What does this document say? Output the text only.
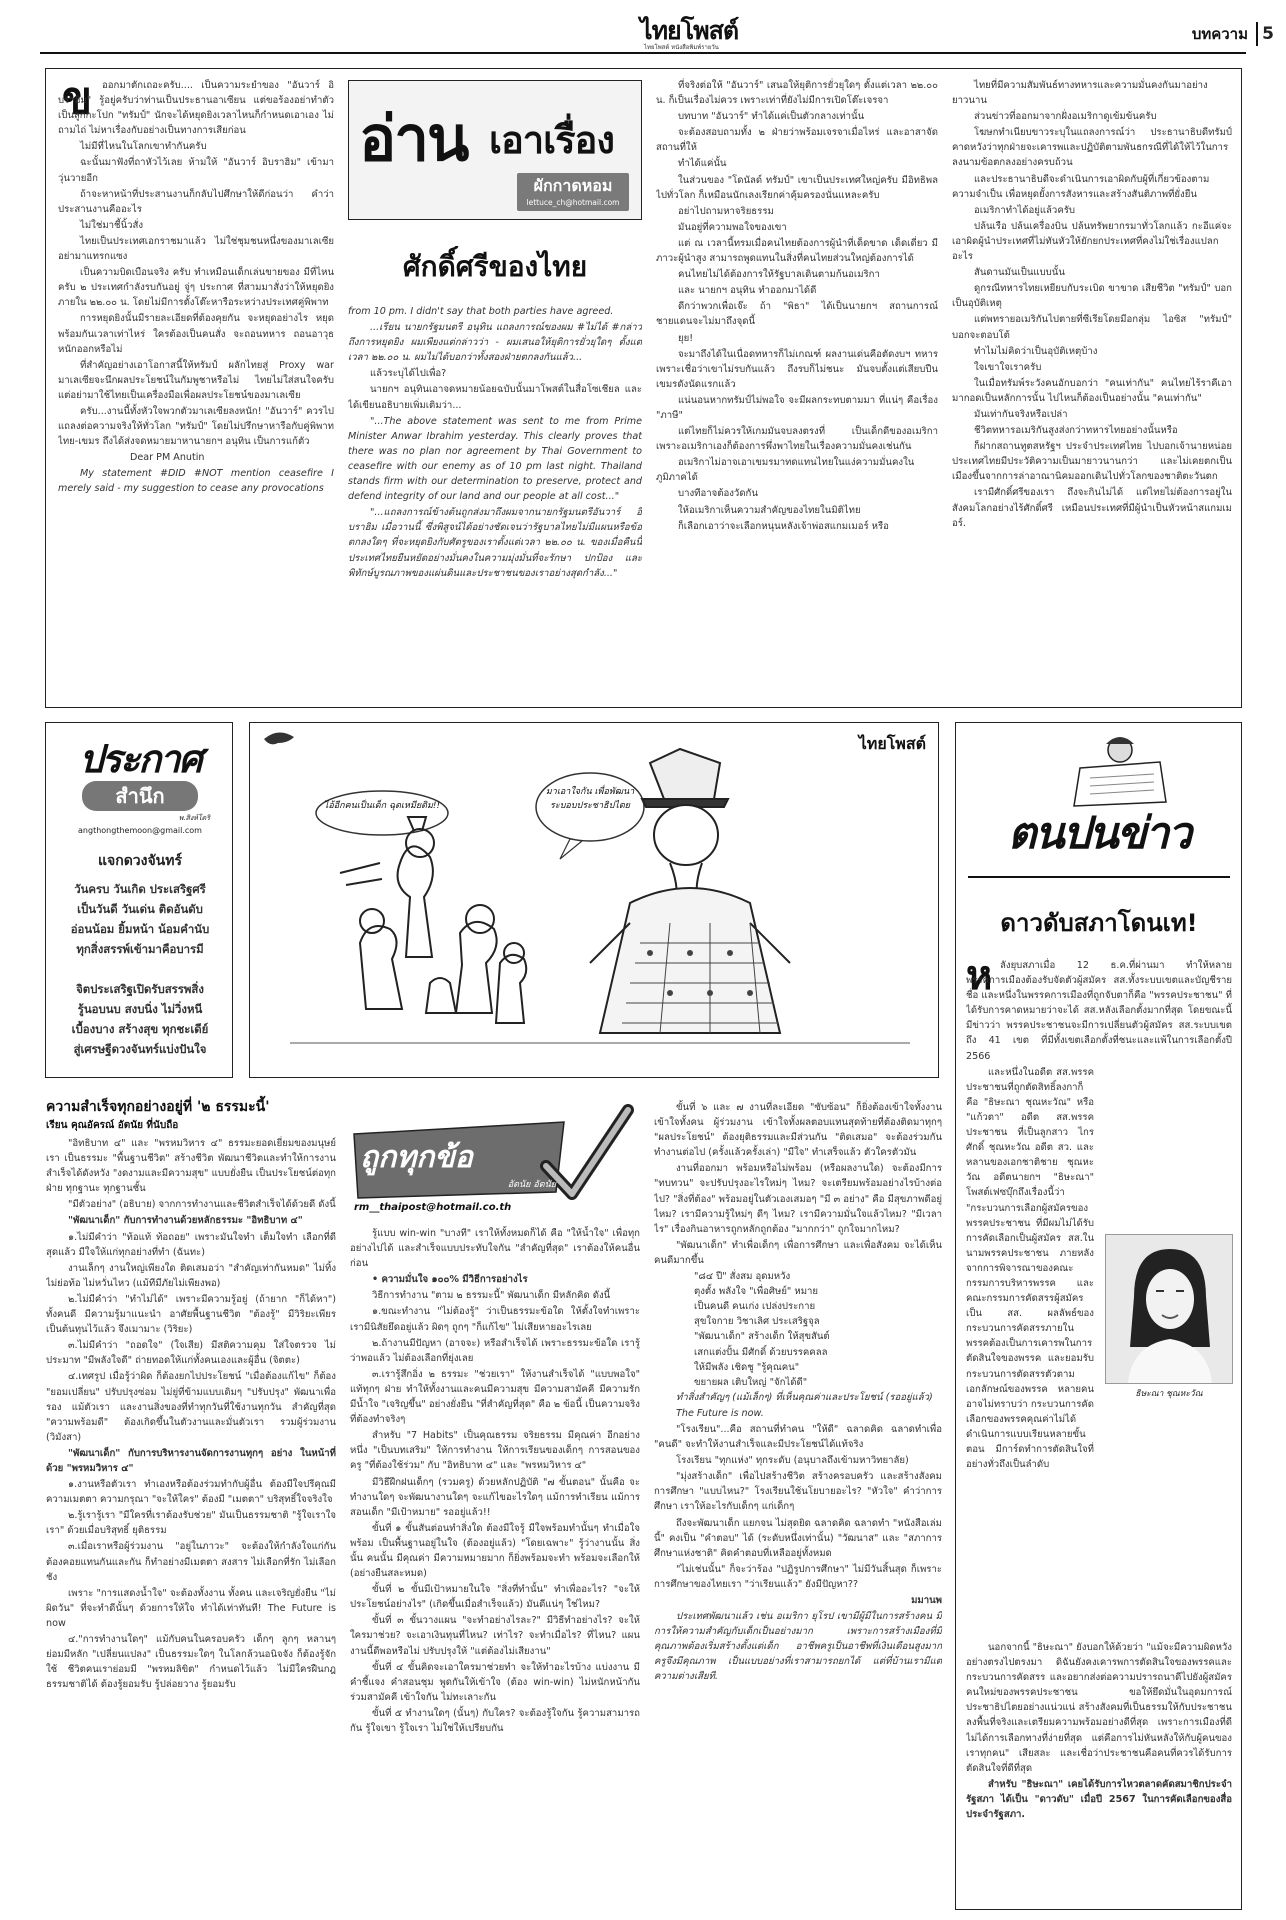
ไทยโพสต์
ไทยโพสต์ หนังสือพิมพ์รายวัน
บทความ 5
ข	ออกมาตักเถอะครับ.... เป็นความระยำของ "อันวาร์ อิบราฮิม" รู้อยู่ครับว่าท่านเป็นประธานอาเซียน แต่ขอร้องอย่าทำตัวเป็นลูกกะโปก "ทรัมป์" นักจะได้หยุดยิงเวลาไหนก็กำหนดเอาเอง ไม่ถามไถ่ ไม่หาเรื่องกับอย่างเป็นทางการเสียก่อน

ไม่มีที่ไหนในโลกเขาทำกันครับ

ฉะนั้นมาฟังที่ถาหัวไว้เลย ห้ามให้ "อันวาร์ อิบราฮิม" เข้ามาวุ่นวายอีก

ถ้าจะหาหน้าที่ประสานงานก็กลับไปศึกษาให้ดีก่อนว่า คำว่าประสานงานคืออะไร

ไม่ใช่มาชี้นิ้วสั่ง

ไทยเป็นประเทศเอกราชมาแล้ว ไม่ใช่ชุมชนหนึ่งของมาเลเซีย อย่ามาแทรกแซง

เป็นความบิดเบือนจริง ครับ ทำเหมือนเด็กเล่นขายของ มีที่ไหนครับ ๒ ประเทศกำลังรบกันอยู่ จู่ๆ ประกาศ ที่สามมาสั่งว่าให้หยุดยิงภายใน ๒๒.๐๐ น. โดยไม่มีการตั้งโต๊ะหารือระหว่างประเทศคู่พิพาท

การหยุดยิงนั้นมีรายละเอียดที่ต้องคุยกัน จะหยุดอย่างไร หยุดพร้อมกันเวลาเท่าไหร่ ใครต้องเป็นคนสั่ง จะถอนทหาร ถอนอาวุธหนักออกหรือไม่

ที่สำคัญอย่างเอาโอกาสนี้ให้ทรัมป์ ผลักไทยสู่ Proxy war มาเลเซียจะนึกผลประโยชน์ในกัมพูชาหรือไม่ ไทยไม่ใส่สนใจครับ แต่อย่ามาใช้ไทยเป็นเครื่องมือเพื่อผลประโยชน์ของมาเลเซีย

ครับ...งานนี้ทั้งหัวใจพวกตัวมาเลเซียลงหนัก! "อันวาร์" ควรไปแถลงต่อความจริงให้ทั่วโลก "ทรัมป์" โดยไม่ปรึกษาหารือกับคู่พิพาทไทย-เขมร ถึงได้ส่งจดหมายมาหานายกฯ อนุทิน เป็นการแก้ตัว

Dear PM Anutin

My statement #DID #NOT mention ceasefire I merely said - my suggestion to cease any provocations

อ่าน เอาเรื่อง
ผักกาดหอม
lettuce_ch@hotmail.com
ศักดิ์ศรีของไทย

from 10 pm. I didn't say that both parties have agreed.

...เรียน นายกรัฐมนตรี อนุทิน แถลงการณ์ของผม #ไม่ได้ #กล่าวถึงการหยุดยิง ผมเพียงแต่กล่าวว่า - ผมเสนอให้ยุติการยั่วยุใดๆ ตั้งแต่เวลา ๒๒.๐๐ น. ผมไม่ได้บอกว่าทั้งสองฝ่ายตกลงกันแล้ว...

แล้วระบุได้ไปเพื่อ?

นายกฯ อนุทินเอาจดหมายน้อยฉบับนั้นมาโพสต์ในสื่อโซเชียล และได้เขียนอธิบายเพิ่มเติมว่า...

"...The above statement was sent to me from Prime Minister Anwar Ibrahim yesterday. This clearly proves that there was no plan nor agreement by Thai Government to ceasefire with our enemy as of 10 pm last night. Thailand stands firm with our determination to preserve, protect and defend integrity of our land and our people at all cost..."

"...แถลงการณ์ข้างต้นถูกส่งมาถึงผมจากนายกรัฐมนตรีอันวาร์ อิบราฮิม เมื่อวานนี้ ซึ่งพิสูจน์ได้อย่างชัดเจนว่ารัฐบาลไทยไม่มีแผนหรือข้อตกลงใดๆ ที่จะหยุดยิงกับศัตรูของเราตั้งแต่เวลา ๒๒.๐๐ น. ของเมื่อคืนนี้ ประเทศไทยยืนหยัดอย่างมั่นคงในความมุ่งมั่นที่จะรักษา ปกป้อง และพิทักษ์บูรณภาพของแผ่นดินและประชาชนของเราอย่างสุดกำลัง..."

ที่จริงต่อให้ "อันวาร์" เสนอให้ยุติการยั่วยุใดๆ ตั้งแต่เวลา ๒๒.๐๐ น. ก็เป็นเรื่องไม่ควร เพราะเท่าที่ยังไม่มีการเปิดโต๊ะเจรจา

บทบาท "อันวาร์" ทำได้แค่เป็นตัวกลางเท่านั้น

จะต้องสอบถามทั้ง ๒ ฝ่ายว่าพร้อมเจรจาเมื่อไหร่ และอาสาจัดสถานที่ให้

ทำได้แค่นั้น

ในส่วนของ "โดนัลด์ ทรัมป์" เขาเป็นประเทศใหญ่ครับ มีอิทธิพลไปทั่วโลก ก็เหมือนนักเลงเรียกค่าคุ้มครองนั่นแหละครับ

อย่าไปถามหาจริยธรรม

มันอยู่ที่ความพอใจของเขา

แต่ ณ เวลานี้ทรมเมื่อคนไทยต้องการผู้นำที่เด็ดขาด เด็ดเดี่ยว มีภาวะผู้นำสูง สามารถพูดแทนในสิ่งที่คนไทยส่วนใหญ่ต้องการได้

คนไทยไม่ได้ต้องการให้รัฐบาลเดินตามก้นอเมริกา

และ นายกฯ อนุทิน ทำออกมาได้ดี

ดีกว่าพวกเพื่อเจ๊ะ ถ้า "พิธา" ได้เป็นนายกฯ สถานการณ์ชายแดนจะไม่มาถึงจุดนี้

ยุย!

จะมาถึงได้ในเนื่อดทหารก็ไม่เกณฑ์ ผลงานเด่นคือตัดงบฯ ทหารเพราะเชื่อว่าเขาไม่รบกันแล้ว ถึงรบก็ไม่ชนะ มันจบตั้งแต่เสียบปืนเขมรดังนัดแรกแล้ว

แน่นอนหากทรัมป์ไม่พอใจ จะมีผลกระทบตามมา ที่แน่ๆ คือเรื่อง "ภาษี"

แต่ไทยก็ไม่ควรให้เกมมันจบลงตรงที่ เป็นเด็กดีของอเมริกา เพราะอเมริกาเองก็ต้องการพึ่งพาไทยในเรื่องความมั่นคงเช่นกัน

อเมริกาไม่อาจเอาเขมรมาทดแทนไทยในแง่ความมั่นคงในภูมิภาคได้

บางทีอาจต้องวัดกัน

ให้อเมริกาเห็นความสำคัญของไทยในมิติไทย

ก็เลือกเอาว่าจะเลือกหนุนหลังเจ้าพ่อสแกมเมอร์ หรือ

ไทยที่มีความสัมพันธ์ทางทหารและความมั่นคงกันมาอย่างยาวนาน

ส่วนข่าวที่ออกมาจากฝั่งอเมริกาดูเข้มข้นครับ

โฆษกทำเนียบขาวระบุในแถลงการณ์ว่า ประธานาธิบดีทรัมป์คาดหวังว่าทุกฝ่ายจะเคารพและปฏิบัติตามพันธกรณีที่ได้ให้ไว้ในการลงนามข้อตกลงอย่างครบถ้วน

และประธานาธิบดีจะดำเนินการเอาผิดกับผู้ที่เกี่ยวข้องตามความจำเป็น เพื่อหยุดยั้งการสังหารและสร้างสันติภาพที่ยั่งยืน

อเมริกาทำได้อยู่แล้วครับ

ปล้นเรือ ปล้นเครื่องบิน ปล้นทรัพยากรมาทั่วโลกแล้ว กะอีแค่จะเอาผิดผู้นำประเทศที่ไม่ทันหัวให้ยักยกประเทศที่คงไม่ใช่เรื่องแปลกอะไร

สันดานมันเป็นแบบนั้น

ดูกรณีทหารไทยเหยียบกับระเบิด ขาขาด เสียชีวิต "ทรัมป์" บอกเป็นอุบัติเหตุ

แต่พทรายอเมริกันไปตายที่ซีเรียโดยมีอกลุ่ม ไอซิส "ทรัมป์" บอกจะตอบโต้

ทำไมไม่คิดว่าเป็นอุบัติเหตุบ้าง

ใจเขาใจเราครับ

ในเมื่อทรัมพ์ระวังคนอักบอกว่า "คนเท่ากัน" คนไทยไร้ราคีเอามากอดเป็นหลักการนั้น ไปไหนก็ต้องเป็นอย่างนั้น "คนเท่ากัน"

มันเท่ากันจริงหรือเปล่า

ชีวิตทหารอเมริกันสูงส่งกว่าทหารไทยอย่างนั้นหรือ

ก็ฝากสถานทูตสหรัฐฯ ประจำประเทศไทย ไปบอกเจ้านายหน่อย ประเทศไทยมีประวัติความเป็นมายาวนานกว่า และไม่เคยตกเป็นเมืองขึ้นจากการล่าอาณานิคมออกเดินไปทั่วโลกของชาติตะวันตก

เรามีศักดิ์ศรีของเรา ถึงจะกินไม่ได้ แต่ไทยไม่ต้องการอยู่ในสังคมโลกอย่างไร้ศักดิ์ศรี เหมือนประเทศที่มีผู้นำเป็นหัวหน้าสแกมเมอร์.

ประกาศ
สำนึก
พ.สิงห์โตริ
angthongthemoon@gmail.com
แจกดวงจันทร์
วันครบ วันเกิด ประเสริฐศรี
เป็นวันดี วันเด่น ติดอันดับ
อ่อนน้อม ยิ้มหน้า น้อมคำนับ
ทุกสิ่งสรรพ์เข้ามาคือบารมี
จิตประเสริฐเปิดรับสรรพสิ่ง
รู้นอบนบ สงบนิ่ง ไม่วิ่งหนี
เบื้องบาง สร้างสุข ทุกชะเดีย์
สู่เศรษฐีดวงจันทร์แบ่งปันใจ
ไทยโพสต์
ไอ้อีกคนเป็นเด็ก ฉุดเหมียดิม!!
มาเอาใจกัน เพื่อพัฒนาระบอบประชาธิปไตย
ตนปนข่าว
ดาวดับสภาโดนเท!
ห
ธิษะณา ชุณหะวัณ

ลังยุบสภาเมื่อ 12 ธ.ค.ที่ผ่านมา ทำให้หลายพรรคการเมืองต้องรับจัดตัวผู้สมัคร สส.ทั้งระบบเขตและบัญชีรายชื่อ และหนึ่งในพรรคการเมืองที่ถูกจับตาก็คือ "พรรคประชาชน" ที่ได้รับการคาดหมายว่าจะได้ สส.หลังเลือกตั้งมากที่สุด โดยขณะนี้มีข่าวว่า พรรคประชาชนจะมีการเปลี่ยนตัวผู้สมัคร สส.ระบบเขตถึง 41 เขต ที่มีทั้งเขตเลือกตั้งที่ชนะและแพ้ในการเลือกตั้งปี 2566

และหนึ่งในอดีต สส.พรรคประชาชนที่ถูกตัดสิทธิ์ลงกาก็คือ "ธิษะณา ชุณหะวัณ" หรือ "แก้วตา" อดีต สส.พรรคประชาชน ที่เป็นลูกสาว ไกรศักดิ์ ชุณหะวัณ อดีต สว. และหลานของเอกชาติชาย ชุณหะวัณ อดีตนายกฯ "ธิษะณา" โพสต์เฟซบุ๊กถึงเรื่องนี้ว่า "กระบวนการเลือกผู้สมัครของพรรคประชาชน ที่มีผมไม่ได้รับการคัดเลือกเป็นผู้สมัคร สส.ในนามพรรคประชาชน ภายหลังจากการพิจารณาของคณะกรรมการบริหารพรรค และคณะกรรมการคัดสรรผู้สมัครเป็น สส. ผลลัพธ์ของกระบวนการคัดสรรภายในพรรคต้องเป็นการเคารพในการตัดสินใจของพรรค และยอมรับกระบวนการตัดสรรตัวตามเอกลักษณ์ของพรรค หลายคนอาจไม่ทราบว่า กระบวนการคัดเลือกของพรรคคุณค่าไม่ได้ดำเนินการแบบเรียนหลายขั้นตอน มีการ์ดทำการตัดสินใจที่อย่างทั่วถึงเป็นลำดับ

นอกจากนี้ "ธิษะณา" ยังบอกให้ด้วยว่า "แม้จะมีความผิดหวังอย่างตรงไปตรงมา ดิฉันยังคงเคารพการตัดสินใจของพรรคและกระบวนการคัดสรร และอยากส่งต่อความปรารถนาดีไปยังผู้สมัครคนใหม่ของพรรคประชาชน ขอให้ยึดมั่นในอุดมการณ์ประชาธิปไตยอย่างแน่วแน่ สร้างสังคมที่เป็นธรรมให้กับประชาชน ลงพื้นที่จริงและเตรียมความพร้อมอย่างดีที่สุด เพราะการเมืองที่ดีไม่ได้การเลือกทางที่ง่ายที่สุด แต่คือการไม่หันหลังให้กับผู้คนของเราทุกคน" เสียสละ และเชื่อว่าประชาชนคือคนที่ควรได้รับการตัดสินใจที่ดีที่สุด

สำหรับ "ธิษะณา" เคยได้รับการไหวตลาดคัดสมาชิกประจำรัฐสภา ได้เป็น "ดาวดับ" เมื่อปี 2567 ในการคัดเลือกของสื่อประจำรัฐสภา.

ความสำเร็จทุกอย่างอยู่ที่ '๒ ธรรมะนี้'
เรียน คุณอัครณ์ อัตนัย ที่นับถือ

"อิทธิบาท ๔" และ "พรหมวิหาร ๔" ธรรมะยอดเยี่ยมของมนุษย์เรา เป็นธรรมะ "พื้นฐานชีวิต" สร้างชีวิต พัฒนาชีวิตและทำให้การงานสำเร็จได้ดังหวัง "งดงามและมีความสุข" แบบยั่งยืน เป็นประโยชน์ต่อทุกฝ่าย ทุกฐานะ ทุกฐานชั้น

"มีตัวอย่าง" (อธิบาย) จากการทำงานและชีวิตสำเร็จได้ด้วยดี ดังนี้

"พัฒนาเด็ก" กับการทำงานด้วยหลักธรรมะ "อิทธิบาท ๔"

๑.ไม่มีคำว่า "ท้อแท้ ท้อถอย" เพราะมันใจทำ เต็มใจทำ เลือกที่ดีสุดแล้ว มีใจให้แก่ทุกอย่างที่ทำ (ฉันทะ)

งานเล็กๆ งานใหญ่เพียงใด ติดเสมอว่า "สำคัญเท่ากันหมด" ไม่ทิ้ง ไม่ย่อท้อ ไม่หวั่นไหว (แม้ทีมีภัยไม่เพียงพอ)

๒.ไม่มีคำว่า "ทำไม่ได้" เพราะมีความรู้อยู่ (ถ้ายาก "ก็ได้หา") ทั้งคนดี มีความรู้มาแนะนำ อาศัยพื้นฐานชีวิต "ต้องรู้" มีวิริยะเพียร เป็นต้นทุนไว้แล้ว จึงเมามาะ (วิริยะ)

๓.ไม่มีคำว่า "ถอดใจ" (ใจเสีย) มีสติความคุม ใส่ใจตรวจ ไม่ประมาท "มีพลังใจดี" ถ่ายทอดให้แก่ทั้งคนเองและผู้อื่น (จิตตะ)

๔.เทศรูป เมื่อรู้ว่าผิด ก็ต้องยกไปประโยชน์ "เมื่อต้องแก้ไข" ก็ต้อง "ยอมเปลี่ยน" ปรับปรุงซ่อม ไม่ยู่ที่ข้ามแบบเดิมๆ "ปรับปรุง" พัฒนาเพื่อรอง แม้ตัวเรา และงานสิ่งของที่ทำทุกวันที่ใช้งานทุกวัน สำคัญที่สุด "ความพร้อมดี" ต้องเกิดขึ้นในตัวงานและมั่นตัวเรา รวมผู้ร่วมงาน (วิมังสา)

"พัฒนาเด็ก" กับการบริหารงานจัดการงานทุกๆ อย่าง ในหน้าที่ด้วย "พรหมวิหาร ๔"

๑.งานหรือตัวเรา ทำเองหรือต้องร่วมทำกับผู้อื่น ต้องมีใจปรีคุณมีความเมตตา ความกรุณา "จะให้ใคร" ต้องมี "เมตตา" บริสุทธิ์ใจจริงใจ

๒.รู้เรารู้เรา "มีใครที่เราต้องรับช่วย" มันเป็นธรรมชาติ "รู้ใจเราใจเรา" ด้วยเมื่อบริสุทธิ์ ยุติธรรม

๓.เมื่อเราหรือผู้ร่วมงาน "อยู่ในภาวะ" จะต้องให้กำลังใจแก่กัน ต้องคอยแทนกันและกัน ก็ทำอย่างมีเมตตา สงสาร ไม่เลือกที่รัก ไม่เลือกชัง

เพราะ "การแสดงน้ำใจ" จะต้องทั้งงาน ทั้งคน และเจริญยั่งยืน "ไม่ผิดวัน" ที่จะทำดีนั้นๆ ด้วยการให้ใจ ทำได้เท่าทันที! The Future is now

๔."การทำงานใดๆ" แม้กับคนในครอบครัว เด็กๆ ลูกๆ หลานๆ ย่อมมีหลัก "เปลี่ยนแปลง" เป็นธรรมะใดๆ ในโลกล้วนอนิจจัง ก็ต้องรู้จักใช้ ชีวิตคนเราย่อมมี "พรหมลิขิต" กำหนดไว้แล้ว ไม่มีใครฝืนกฎธรรมชาติได้ ต้องรู้ยอมรับ รู้ปล่อยวาง รู้ยอมรับ

ถูกทุกข้อ
อัตนัย อัตนัย
rm__thaipost@hotmail.co.th

รู้แบบ win-win "บางที" เราให้ทั้งหมดก็ได้ คือ "ให้น้ำใจ" เพื่อทุกอย่างไปได้ และสำเร็จแบบประทับใจกัน "สำคัญที่สุด" เราต้องให้คนอื่นก่อน

• ความมั่นใจ ๑๐๐% มีวิธีการอย่างไร

วิธีการทำงาน "ตาม ๒ ธรรมะนี้" พัฒนาเด็ก มีหลักคิด ดังนี้

๑.ขณะทำงาน "ไม่ต้องรู้" ว่าเป็นธรรมะข้อใด ให้ตั้งใจทำเพราะเรามีนิสัยยึดอยู่แล้ว ผิดๆ ถูกๆ "ก็แก้ไข" ไม่เสียหายอะไรเลย

๒.ถ้างานมีปัญหา (อาจจะ) หรือสำเร็จได้ เพราะธรรมะข้อใด เรารู้ว่าพอแล้ว ไม่ต้องเลือกที่ยุ่งเลย

๓.เรารู้สึกอิ่ง ๒ ธรรมะ "ช่วยเรา" ให้งานสำเร็จได้ "แบบพอใจ" แท้ทุกๆ ฝ่าย ทำให้ทั้งงานและคนมีความสุข มีความสามัคคี มีความรัก มีน้ำใจ "เจริญขึ้น" อย่างยั่งยืน "ที่สำคัญที่สุด" คือ ๒ ข้อนี้ เป็นความจริงที่ต้องทำจริงๆ

สำหรับ "7 Habits" เป็นคุณธรรม จริยธรรม มีคุณค่า อีกอย่างหนึ่ง "เป็นบทเสริม" ให้การทำงาน ให้การเรียนของเด็กๆ การสอนของครู "ที่ต้องใช้ร่วม" กับ "อิทธิบาท ๔" และ "พรหมวิหาร ๔"

มีวิธีฝึกฝนเด็กๆ (รวมครู) ด้วยหลักปฏิบัติ "๗ ขั้นตอน" นั้นคือ จะทำงานใดๆ จะพัฒนางานใดๆ จะแก้ไขอะไรใดๆ แม้การทำเรียน แม้การสอนเด็ก "มีเป้าหมาย" รออยู่แล้ว!!

ขั้นที่ ๑ ขั้นสันต่อนทำสิ่งใด ต้องมีใจรู้ มีใจพร้อมทำนั้นๆ ทำเมื่อใจพร้อม เป็นพื้นฐานอยู่ในใจ (ต้องอยู่แล้ว) "โดยเฉพาะ" รู้ว่างานนั้น สิ่งนั้น คนนั้น มีคุณค่า มีความหมายมาก ก็ยิ่งพร้อมจะทำ พร้อมจะเลือกให้ (อย่างยืนสละหมด)

ขั้นที่ ๒ ขั้นมีเป้าหมายในใจ "สิ่งที่ทำนั้น" ทำเพื่ออะไร? "จะให้ประโยชน์อย่างไร" (เกิดขึ้นเมื่อสำเร็จแล้ว) มันดีแน่ๆ ใช่ไหม?

ขั้นที่ ๓ ขั้นวางแผน "จะทำอย่างไรละ?" มีวิธีทำอย่างไร? จะให้ใครมาช่วย? จะเอาเงินทุนที่ไหน? เท่าไร? จะทำเมื่อไร? ที่ไหน? แผนงานนี้ดีพอหรือไม่ ปรับปรุงให้ "แต่ต้องไม่เสียงาน"

ขั้นที่ ๔ ขั้นคิดจะเอาใครมาช่วยทำ จะให้ทำอะไรบ้าง แบ่งงาน มีคำชี้แจง คำสอนชุม พูดกันให้เข้าใจ (ต้อง win-win) ไม่หนักหน้ากัน ร่วมสามัคคี เข้าใจกัน ไม่ทะเลาะกัน

ขั้นที่ ๕ ทำงานใดๆ (นั้นๆ) กับใคร? จะต้องรู้ใจกัน รู้ความสามารถกัน รู้ใจเขา รู้ใจเรา ไม่ใช่ให้เปรียบกัน

ขั้นที่ ๖ และ ๗ งานที่ละเอียด "ซับซ้อน" ก็ยิ่งต้องเข้าใจทั้งงาน เข้าใจทั้งคน ผู้ร่วมงาน เข้าใจทั้งผลตอบแทนสุดท้ายที่ต้องติดมาทุกๆ "ผลประโยชน์" ต้องยุติธรรมและมีส่วนกัน "ติดเสมอ" จะต้องร่วมกันทำงานต่อไป (ครั้งแล้วครั้งเล่า) "มีใจ" ทำเสร็จแล้ว ตัวใครตัวมัน

งานที่ออกมา พร้อมหรือไม่พร้อม (หรือผลงานใด) จะต้องมีการ "ทบทวน" จะปรับปรุงอะไรใหม่ๆ ไหม? จะเตรียมพร้อมอย่างไรบ้างต่อไป? "สิ่งที่ต้อง" พร้อมอยู่ในตัวเองเสมอๆ "มี ๓ อย่าง" คือ มีสุขภาพดีอยู่ไหม? เรามีความรู้ใหม่ๆ ดีๆ ไหม? เรามีความมั่นใจแล้วไหม? "มีเวลาไร" เรื่องกินอาหารถูกหลักถูกต้อง "มากกว่า" ถูกใจมากไหม?

"พัฒนาเด็ก" ทำเพื่อเด็กๆ เพื่อการศึกษา และเพื่อสังคม จะได้เห็นคนดีมากขึ้น

"๘๔ ปี" สั่งสม อุดมหวัง
ตุงตั้ง พลังใจ "เพื่อศิษย์" หมาย
เป็นคนดี คนเก่ง เปล่งประกาย
สุขใจกาย วิชาเลิศ ประเสริฐจุล
"พัฒนาเด็ก" สร้างเด็ก ให้สุขสันต์
เสกแต่งปั้น มีศักดิ์ ด้วยบรรคคลล
ให้มีพลัง เชิดชู "รู้คุณคน"
ขยายผล เติบใหญ่ "จักได้ดี"

ทำสิ่งสำคัญๆ (แม้เล็กๆ) ที่เห็นคุณค่าและประโยชน์ (รออยู่แล้ว)

The Future is now.

"โรงเรียน"...คือ สถานที่ทำคน "ให้ดี" ฉลาดคิด ฉลาดทำเพื่อ "คนดี" จะทำให้งานสำเร็จและมีประโยชน์ได้แท้จริง

โรงเรียน "ทุกแห่ง" ทุกระดับ (อนุบาลถึงเข้ามหาวิทยาลัย)

"มุ่งสร้างเด็ก" เพื่อไปสร้างชีวิต สร้างครอบครัว และสร้างสังคม การศึกษา "แบบไหน?" โรงเรียนใช้นโยบายอะไร? "หัวใจ" คำว่าการศึกษา เราให้อะไรกับเด็กๆ แก่เด็กๆ

ถึงจะพัฒนาเด็ก แยกจน ไม่สุดยิด ฉลาดคิด ฉลาดทำ "หนังสือเล่มนี้" คงเป็น "คำตอบ" ได้ (ระดับหนึ่งเท่านั้น) "วัฒนาส" และ "สภาการศึกษาแห่งชาติ" คิดคำตอบที่เหลืออยู่ทั้งหมด

"ไม่เช่นนั้น" ก็จะว่าร้อง "ปฏิรูปการศึกษา" ไม่มีวันสิ้นสุด ก็เพราะการศึกษาของไทยเรา "ว่าเรียนแล้ว" ยังมีปัญหา??

มมานพ

ประเทศพัฒนาแล้ว เช่น อเมริกา ยุโรป เขามีผู้มีในการสร้างคน มีการให้ความสำคัญกับเด็กเป็นอย่างมาก เพราะการสร้างเมืองที่มีคุณภาพต้องเริ่มสร้างตั้งแต่เด็ก อาชีพครูเป็นอาชีพที่เงินเดือนสูงมาก ครูจึงมีคุณภาพ เป็นแบบอย่างที่เราสามารถยกได้ แต่ที่บ้านเรามีแต่ความต่างเสียที.
